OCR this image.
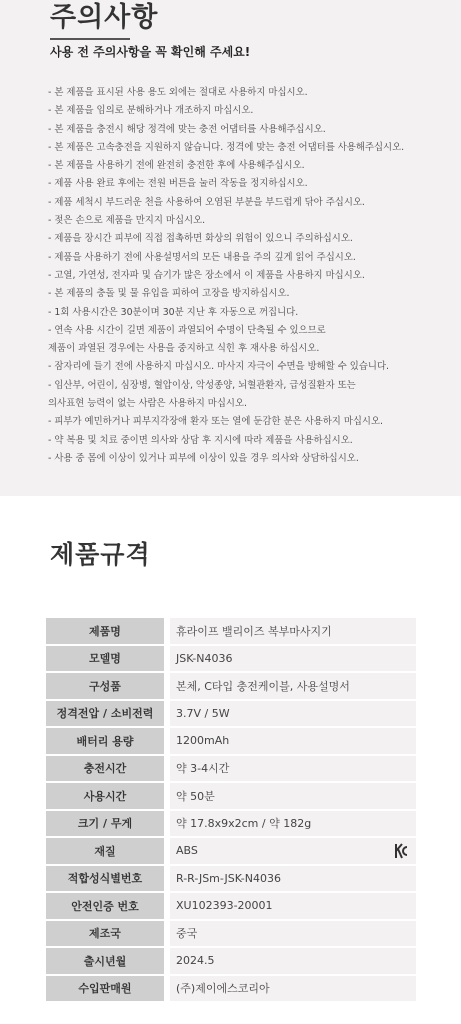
주의사항

사용 전 주의사항을 꼭 확인해 주세요!

- 본 제품을 표시된 사용 용도 외에는 절대로 사용하지 마십시오.
- 본 제품을 임의로 분해하거나 개조하지 마십시오.
- 본 제품을 충전시 해당 정격에 맞는 충전 어댑터를 사용해주십시오.
- 본 제품은 고속충전을 지원하지 않습니다. 정격에 맞는 충전 어댑터를 사용해주십시오.
- 본 제품을 사용하기 전에 완전히 충전한 후에 사용해주십시오.
- 제품 사용 완료 후에는 전원 버튼을 눌러 작동을 정지하십시오.
- 제품 세척시 부드러운 천을 사용하여 오염된 부분을 부드럽게 닦아 주십시오.
- 젖은 손으로 제품을 만지지 마십시오.
- 제품을 장시간 피부에 직접 접촉하면 화상의 위험이 있으니 주의하십시오.
- 제품을 사용하기 전에 사용설명서의 모든 내용을 주의 깊게 읽어 주십시오.
- 고열, 가연성, 전자파 및 습기가 많은 장소에서 이 제품을 사용하지 마십시오.
- 본 제품의 충돌 및 물 유입을 피하여 고장을 방지하십시오.
- 1회 사용시간은 30분이며 30분 지난 후 자동으로 꺼집니다.
- 연속 사용 시간이 길면 제품이 과열되어 수명이 단축될 수 있으므로
제품이 과열된 경우에는 사용을 중지하고 식힌 후 재사용 하십시오.
- 잠자리에 들기 전에 사용하지 마십시오. 마사지 자극이 수면을 방해할 수 있습니다.
- 임산부, 어린이, 심장병, 혈압이상, 악성종양, 뇌혈관환자, 급성질환자 또는
의사표현 능력이 없는 사람은 사용하지 마십시오.
- 피부가 예민하거나 피부지각장애 환자 또는 열에 둔감한 분은 사용하지 마십시오.
- 약 복용 및 치료 중이면 의사와 상담 후 지시에 따라 제품을 사용하십시오.
- 사용 중 몸에 이상이 있거나 피부에 이상이 있을 경우 의사와 상담하십시오.
제품규격
제품명		휴라이프 밸리이즈 복부마사지기
모델명		JSK-N4036
구성품		본체, C타입 충전케이블, 사용설명서
정격전압 / 소비전력		3.7V / 5W
배터리 용량		1200mAh
충전시간		약 3-4시간
사용시간		약 50분
크기 / 무게		약 17.8x9x2cm / 약 182g
재질		ABS

적합성식별번호		R-R-JSm-JSK-N4036
안전인증 번호		XU102393-20001
제조국		중국
출시년월		2024.5
수입판매원		(주)제이에스코리아
